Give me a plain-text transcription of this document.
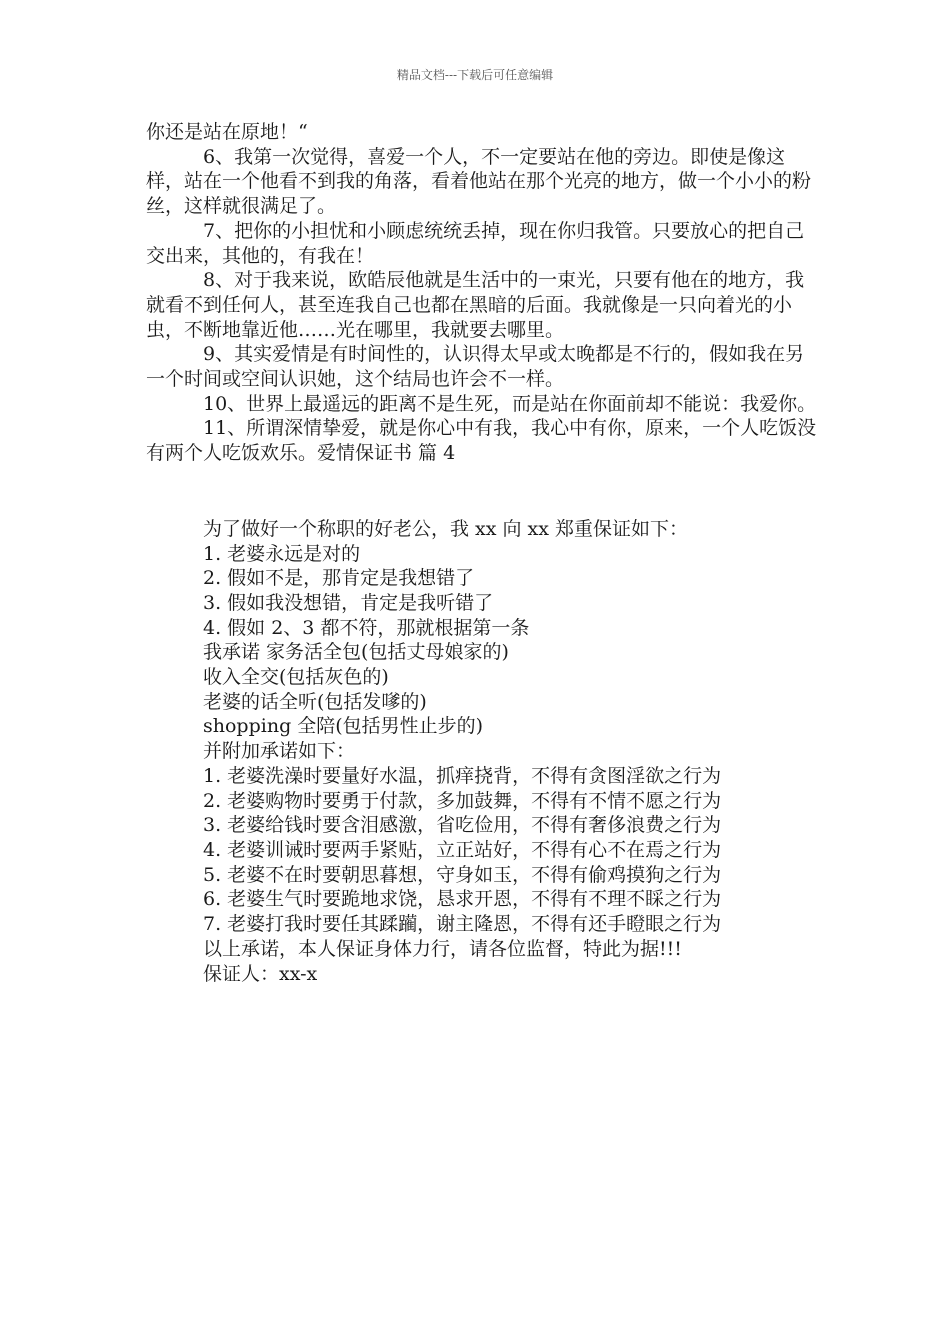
精品文档---下载后可任意编辑

你还是站在原地！“

6、我第一次觉得，喜爱一个人，不一定要站在他的旁边。即使是像这样，站在一个他看不到我的角落，看着他站在那个光亮的地方，做一个小小的粉丝，这样就很满足了。

7、把你的小担忧和小顾虑统统丢掉，现在你归我管。只要放心的把自己交出来，其他的，有我在！

8、对于我来说，欧皓辰他就是生活中的一束光，只要有他在的地方，我就看不到任何人，甚至连我自己也都在黑暗的后面。我就像是一只向着光的小虫，不断地靠近他……光在哪里，我就要去哪里。

9、其实爱情是有时间性的，认识得太早或太晚都是不行的，假如我在另一个时间或空间认识她，这个结局也许会不一样。

10、世界上最遥远的距离不是生死，而是站在你面前却不能说：我爱你。

11、所谓深情挚爱，就是你心中有我，我心中有你，原来，一个人吃饭没有两个人吃饭欢乐。爱情保证书 篇 4

为了做好一个称职的好老公，我 xx 向 xx 郑重保证如下：

1. 老婆永远是对的

2. 假如不是，那肯定是我想错了

3. 假如我没想错，肯定是我听错了

4. 假如 2、3 都不符，那就根据第一条

我承诺 家务活全包(包括丈母娘家的)

收入全交(包括灰色的)

老婆的话全听(包括发嗲的)

shopping 全陪(包括男性止步的)

并附加承诺如下：

1. 老婆洗澡时要量好水温，抓痒挠背，不得有贪图淫欲之行为

2. 老婆购物时要勇于付款，多加鼓舞，不得有不情不愿之行为

3. 老婆给钱时要含泪感激，省吃俭用，不得有奢侈浪费之行为

4. 老婆训诫时要两手紧贴，立正站好，不得有心不在焉之行为

5. 老婆不在时要朝思暮想，守身如玉，不得有偷鸡摸狗之行为

6. 老婆生气时要跪地求饶，恳求开恩，不得有不理不睬之行为

7. 老婆打我时要任其蹂躏，谢主隆恩，不得有还手瞪眼之行为

以上承诺，本人保证身体力行，请各位监督，特此为据!!!

保证人：xx-x
